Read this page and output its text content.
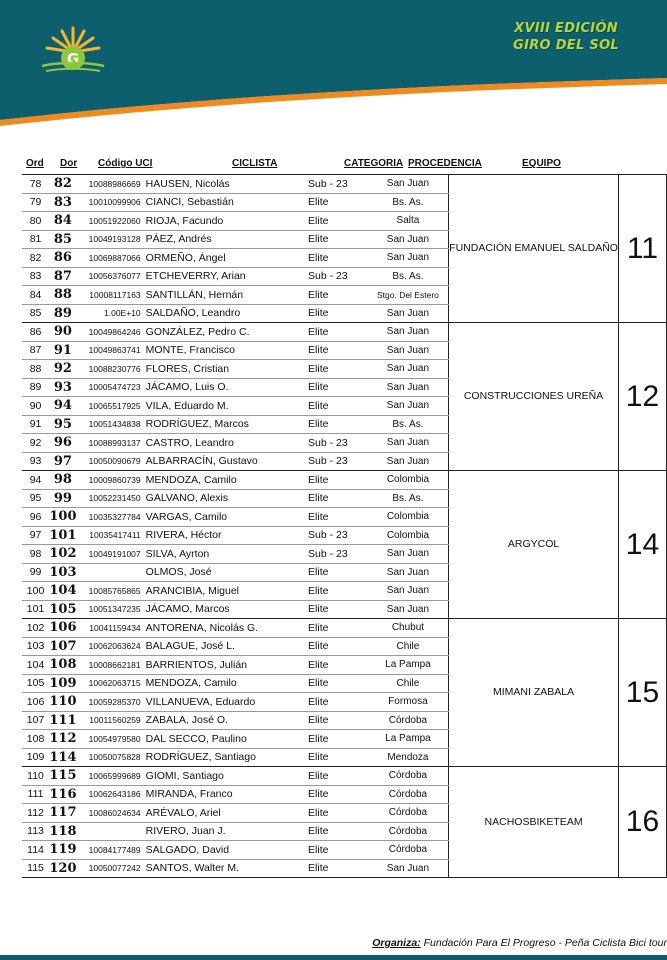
G
XVIII EDICIÓN
GIRO DEL SOL
Ord Dor Código UCI	CICLISTA	CATEGORIA PROCEDENCIA	EQUIPO
78	82	10088986669	HAUSEN, Nicolás	Sub - 23	San Juan	FUNDACIÓN EMANUEL SALDAÑO	11
79	83	10010099906	CIANCI, Sebastián	Elite	Bs. As.		
80	84	10051922060	RIOJA, Facundo	Elite	Salta		
81	85	10049193128	PÁEZ, Andrés	Elite	San Juan		
82	86	10069887066	ORMEÑO, Ángel	Elite	San Juan		
83	87	10056376077	ETCHEVERRY, Arian	Sub - 23	Bs. As.		
84	88	10008117163	SANTILLÁN, Hernán	Elite	Stgo. Del Estero		
85	89	1.00E+10	SALDAÑO, Leandro	Elite	San Juan		
86	90	10049864246	GONZÁLEZ, Pedro C.	Elite	San Juan	CONSTRUCCIONES UREÑA	12
87	91	10049863741	MONTE, Francisco	Elite	San Juan		
88	92	10088230776	FLORES, Cristian	Elite	San Juan		
89	93	10005474723	JÁCAMO, Luis O.	Elite	San Juan		
90	94	10065517925	VILA, Eduardo M.	Elite	San Juan		
91	95	10051434838	RODRÍGUEZ, Marcos	Elite	Bs. As.		
92	96	10088993137	CASTRO, Leandro	Sub - 23	San Juan		
93	97	10050090679	ALBARRACÍN, Gustavo	Sub - 23	San Juan		
94	98	10009860739	MENDOZA, Camilo	Elite	Colombia	ARGYCOL	14
95	99	10052231450	GALVANO, Alexis	Elite	Bs. As.		
96	100	10035327784	VARGAS, Camilo	Elite	Colombia		
97	101	10035417411	RIVERA, Héctor	Sub - 23	Colombia		
98	102	10049191007	SILVA, Ayrton	Sub - 23	San Juan		
99	103		OLMOS, José	Elite	San Juan		
100	104	10085765865	ARANCIBIA, Miguel	Elite	San Juan		
101	105	10051347235	JÁCAMO, Marcos	Elite	San Juan		
102	106	10041159434	ANTORENA, Nicolás G.	Elite	Chubut	MIMANI ZABALA	15
103	107	10062063624	BALAGUE, José L.	Elite	Chile		
104	108	10008662181	BARRIENTOS, Julián	Elite	La Pampa		
105	109	10062063715	MENDOZA, Camilo	Elite	Chile		
106	110	10059285370	VILLANUEVA, Eduardo	Elite	Formosa		
107	111	10011560259	ZABALA, José O.	Elite	Córdoba		
108	112	10054979580	DAL SECCO, Paulino	Elite	La Pampa		
109	114	10050075828	RODRÍGUEZ, Santiago	Elite	Mendoza		
110	115	10065999689	GIOMI, Santiago	Elite	Córdoba	NACHOSBIKETEAM	16
111	116	10062643186	MIRANDA, Franco	Elite	Córdoba		
112	117	10086024634	ARÉVALO, Ariel	Elite	Córdoba		
113	118		RIVERO, Juan J.	Elite	Córdoba		
114	119	10084177489	SALGADO, David	Elite	Córdoba		
115	120	10050077242	SANTOS, Walter M.	Elite	San Juan		
Organiza: Fundación Para El Progreso - Peña Ciclista Bici tour
